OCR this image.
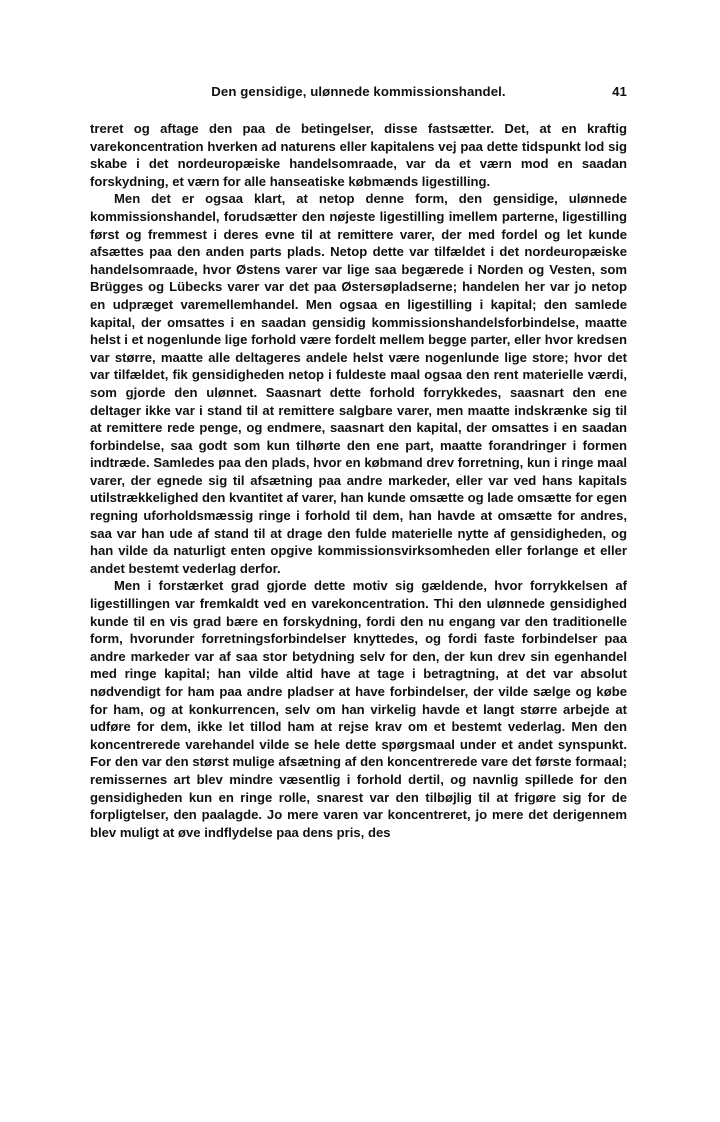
Den gensidige, ulønnede kommissionshandel.	41

treret og aftage den paa de betingelser, disse fastsætter. Det, at en kraftig varekoncentration hverken ad naturens eller kapitalens vej paa dette tidspunkt lod sig skabe i det nordeuropæiske handelsomraade, var da et værn mod en saadan forskydning, et værn for alle hanseatiske købmænds ligestilling.

Men det er ogsaa klart, at netop denne form, den gensidige, ulønnede kommissionshandel, forudsætter den nøjeste ligestilling imellem parterne, ligestilling først og fremmest i deres evne til at remittere varer, der med fordel og let kunde afsættes paa den anden parts plads. Netop dette var tilfældet i det nordeuropæiske handelsomraade, hvor Østens varer var lige saa begærede i Norden og Vesten, som Brügges og Lübecks varer var det paa Østersøpladserne; handelen her var jo netop en udpræget varemellemhandel. Men ogsaa en ligestilling i kapital; den samlede kapital, der omsattes i en saadan gensidig kommissionshandelsforbindelse, maatte helst i et nogenlunde lige forhold være fordelt mellem begge parter, eller hvor kredsen var større, maatte alle deltageres andele helst være nogenlunde lige store; hvor det var tilfældet, fik gensidigheden netop i fuldeste maal ogsaa den rent materielle værdi, som gjorde den ulønnet. Saasnart dette forhold forrykkedes, saasnart den ene deltager ikke var i stand til at remittere salgbare varer, men maatte indskrænke sig til at remittere rede penge, og endmere, saasnart den kapital, der omsattes i en saadan forbindelse, saa godt som kun tilhørte den ene part, maatte forandringer i formen indtræde. Samledes paa den plads, hvor en købmand drev forretning, kun i ringe maal varer, der egnede sig til afsætning paa andre markeder, eller var ved hans kapitals utilstrækkelighed den kvantitet af varer, han kunde omsætte og lade omsætte for egen regning uforholdsmæssig ringe i forhold til dem, han havde at omsætte for andres, saa var han ude af stand til at drage den fulde materielle nytte af gensidigheden, og han vilde da naturligt enten opgive kommissionsvirksomheden eller forlange et eller andet bestemt vederlag derfor.

Men i forstærket grad gjorde dette motiv sig gældende, hvor forrykkelsen af ligestillingen var fremkaldt ved en varekoncentration. Thi den ulønnede gensidighed kunde til en vis grad bære en forskydning, fordi den nu engang var den traditionelle form, hvorunder forretningsforbindelser knyttedes, og fordi faste forbindelser paa andre markeder var af saa stor betydning selv for den, der kun drev sin egenhandel med ringe kapital; han vilde altid have at tage i betragtning, at det var absolut nødvendigt for ham paa andre pladser at have forbindelser, der vilde sælge og købe for ham, og at konkurrencen, selv om han virkelig havde et langt større arbejde at udføre for dem, ikke let tillod ham at rejse krav om et bestemt vederlag. Men den koncentrerede varehandel vilde se hele dette spørgsmaal under et andet synspunkt. For den var den størst mulige afsætning af den koncentrerede vare det første formaal; remissernes art blev mindre væsentlig i forhold dertil, og navnlig spillede for den gensidigheden kun en ringe rolle, snarest var den tilbøjlig til at frigøre sig for de forpligtelser, den paalagde. Jo mere varen var koncentreret, jo mere det derigennem blev muligt at øve indflydelse paa dens pris, des
